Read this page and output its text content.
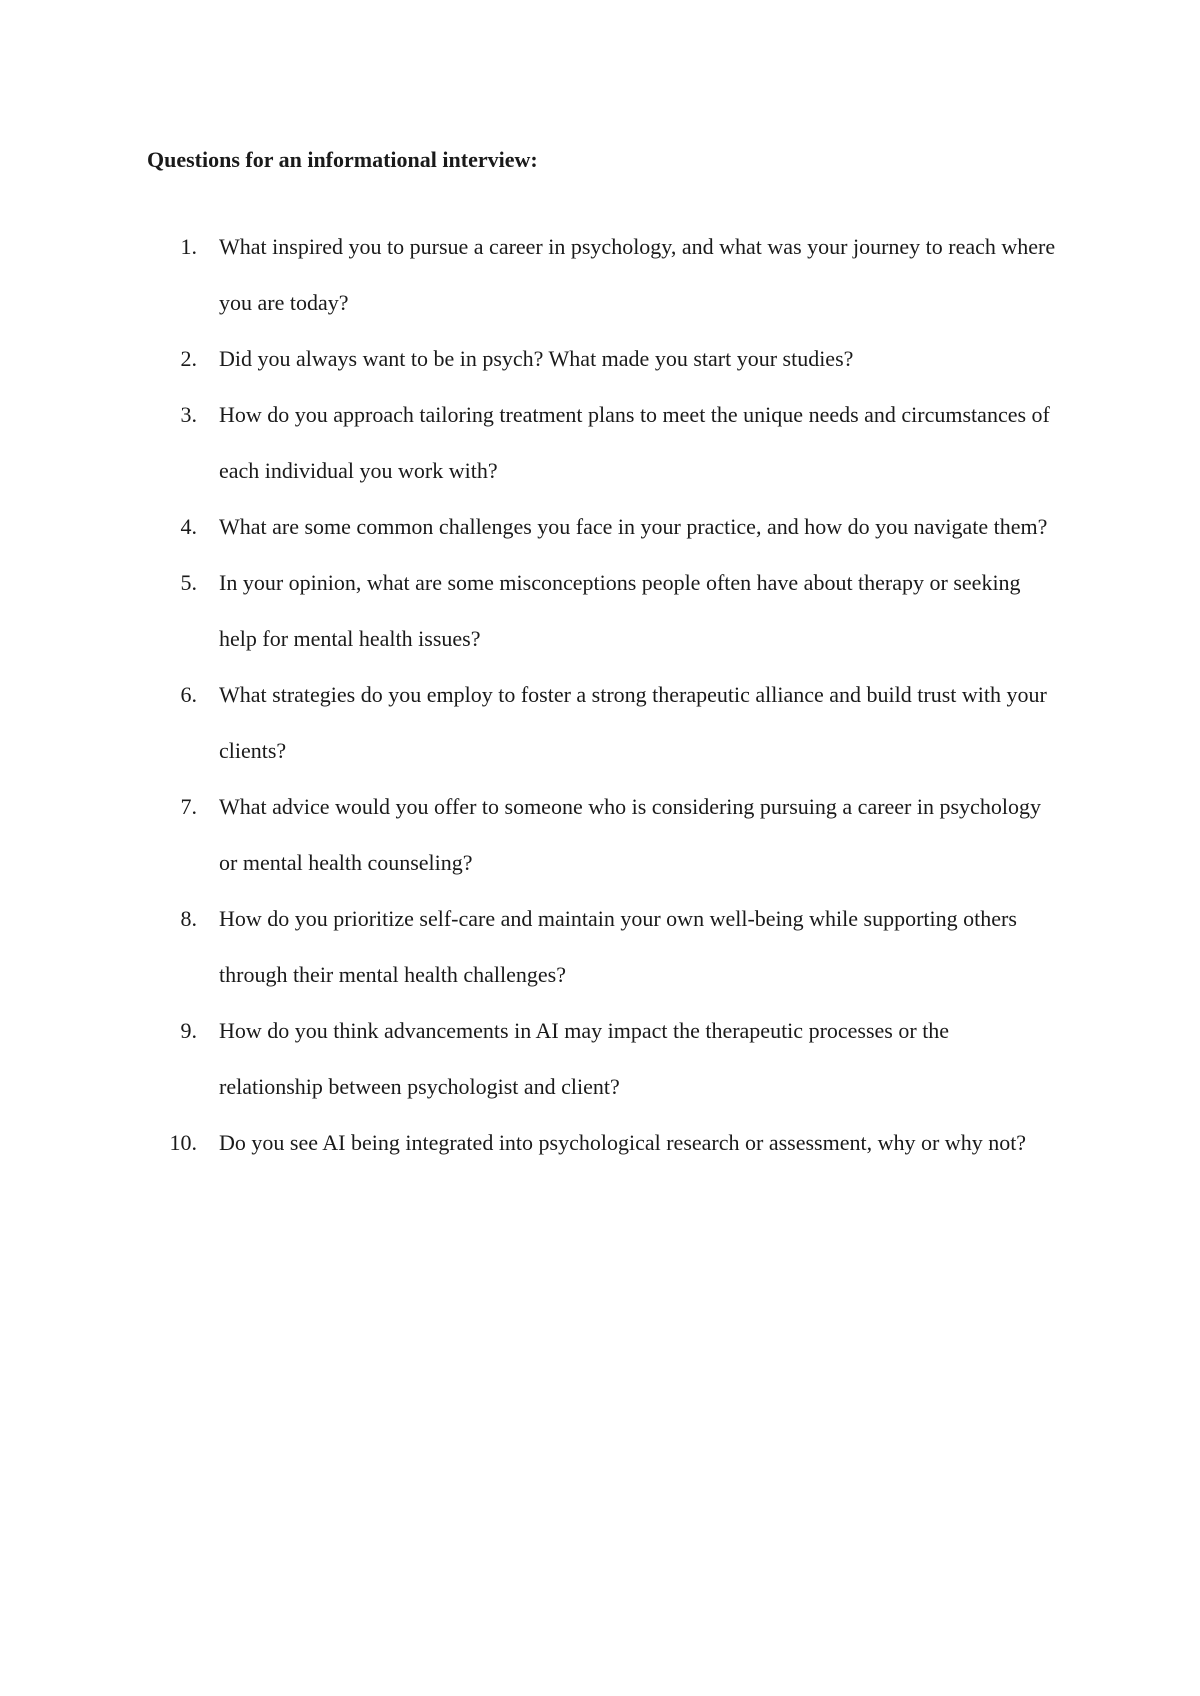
Questions for an informational interview:
1. What inspired you to pursue a career in psychology, and what was your journey to reach where you are today?
2. Did you always want to be in psych? What made you start your studies?
3. How do you approach tailoring treatment plans to meet the unique needs and circumstances of each individual you work with?
4. What are some common challenges you face in your practice, and how do you navigate them?
5. In your opinion, what are some misconceptions people often have about therapy or seeking help for mental health issues?
6. What strategies do you employ to foster a strong therapeutic alliance and build trust with your clients?
7. What advice would you offer to someone who is considering pursuing a career in psychology or mental health counseling?
8. How do you prioritize self-care and maintain your own well-being while supporting others through their mental health challenges?
9. How do you think advancements in AI may impact the therapeutic processes or the relationship between psychologist and client?
10. Do you see AI being integrated into psychological research or assessment, why or why not?
